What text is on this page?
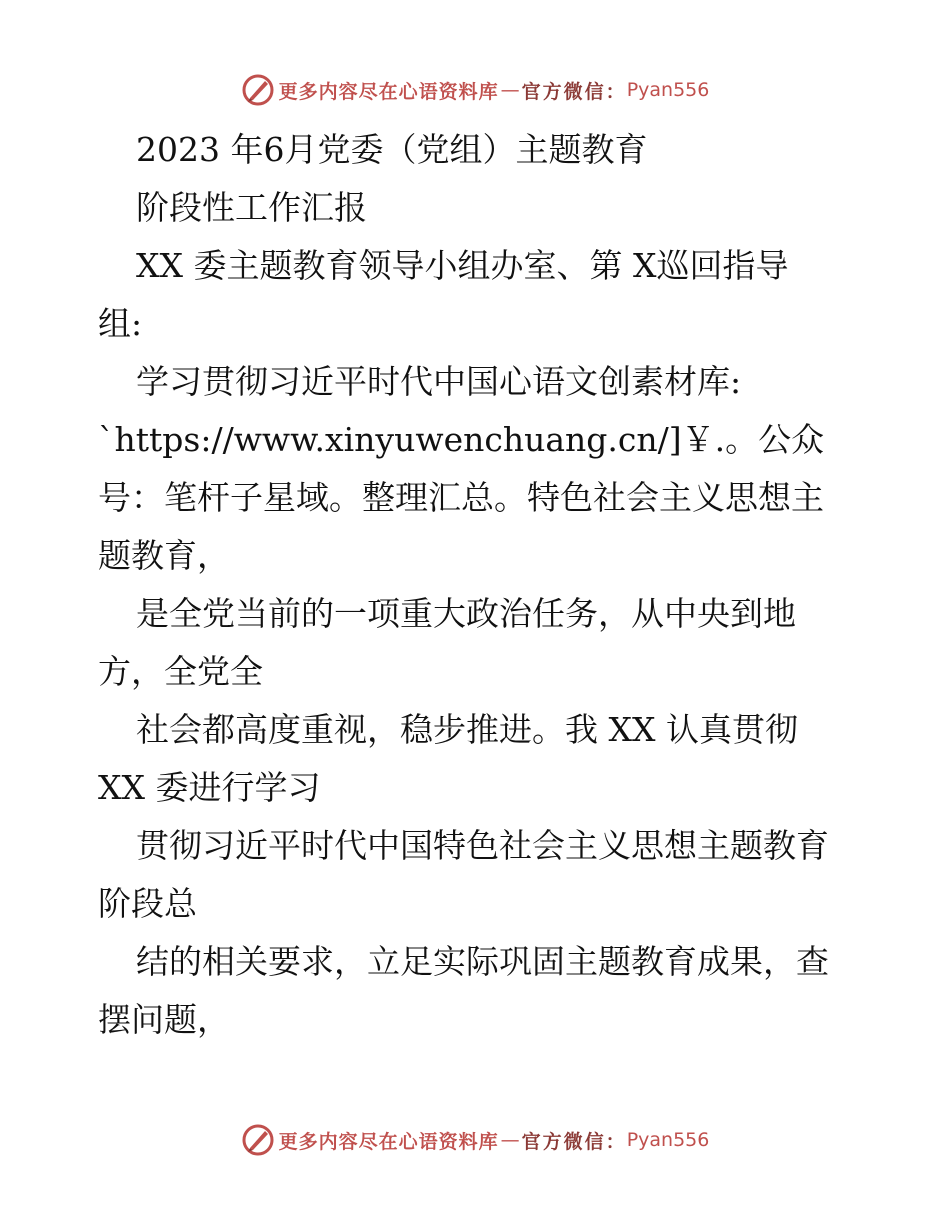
更多内容尽在心语资料库 — 官方微信 ： Pyan556
2023 年6月党委（党组）主题教育
阶段性工作汇报
XX 委主题教育领导小组办室、第 X巡回指导
组:
学习贯彻习近平时代中国心语文创素材库:
`https://www.xinyuwenchuang.cn/]￥.。公众
号：笔杆子星域。整理汇总。特色社会主义思想主
题教育，
是全党当前的一项重大政治任务，从中央到地
方，全党全
社会都高度重视，稳步推进。我 XX 认真贯彻
XX 委进行学习
贯彻习近平时代中国特色社会主义思想主题教育
阶段总
结的相关要求，立足实际巩固主题教育成果，查
摆问题，
更多内容尽在心语资料库 — 官方微信 ： Pyan556
